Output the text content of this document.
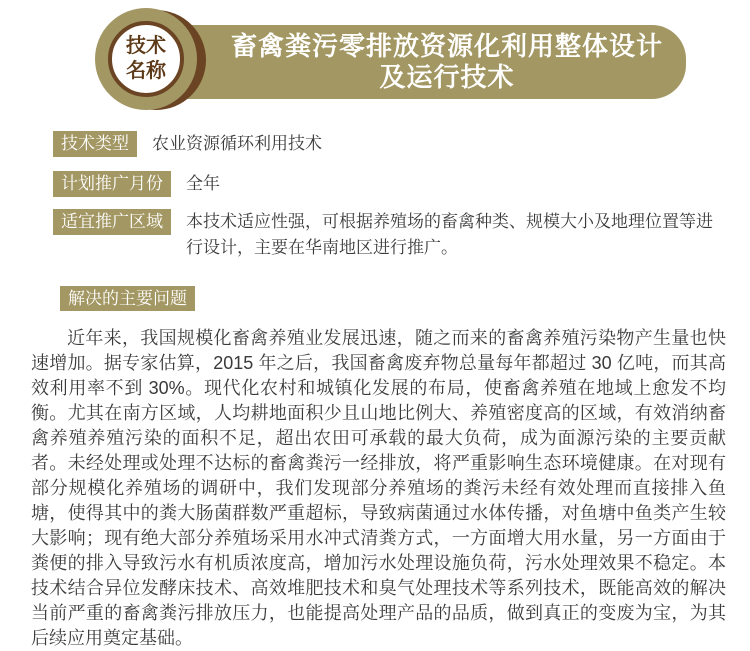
畜禽粪污零排放资源化利用整体设计
及运行技术
技术
名称
技术类型	农业资源循环利用技术
计划推广月份	全年
适宜推广区域	本技术适应性强，可根据养殖场的畜禽种类、规模大小及地理位置等进行设计，主要在华南地区进行推广。
解决的主要问题

近年来，我国规模化畜禽养殖业发展迅速，随之而来的畜禽养殖污染物产生量也快速增加。据专家估算，2015 年之后，我国畜禽废弃物总量每年都超过 30 亿吨，而其高效利用率不到 30%。现代化农村和城镇化发展的布局，使畜禽养殖在地域上愈发不均衡。尤其在南方区域，人均耕地面积少且山地比例大、养殖密度高的区域，有效消纳畜禽养殖养殖污染的面积不足，超出农田可承载的最大负荷，成为面源污染的主要贡献者。未经处理或处理不达标的畜禽粪污一经排放，将严重影响生态环境健康。在对现有部分规模化养殖场的调研中，我们发现部分养殖场的粪污未经有效处理而直接排入鱼塘，使得其中的粪大肠菌群数严重超标，导致病菌通过水体传播，对鱼塘中鱼类产生较大影响；现有绝大部分养殖场采用水冲式清粪方式，一方面增大用水量，另一方面由于粪便的排入导致污水有机质浓度高，增加污水处理设施负荷，污水处理效果不稳定。本技术结合异位发酵床技术、高效堆肥技术和臭气处理技术等系列技术，既能高效的解决当前严重的畜禽粪污排放压力，也能提高处理产品的品质，做到真正的变废为宝，为其后续应用奠定基础。
